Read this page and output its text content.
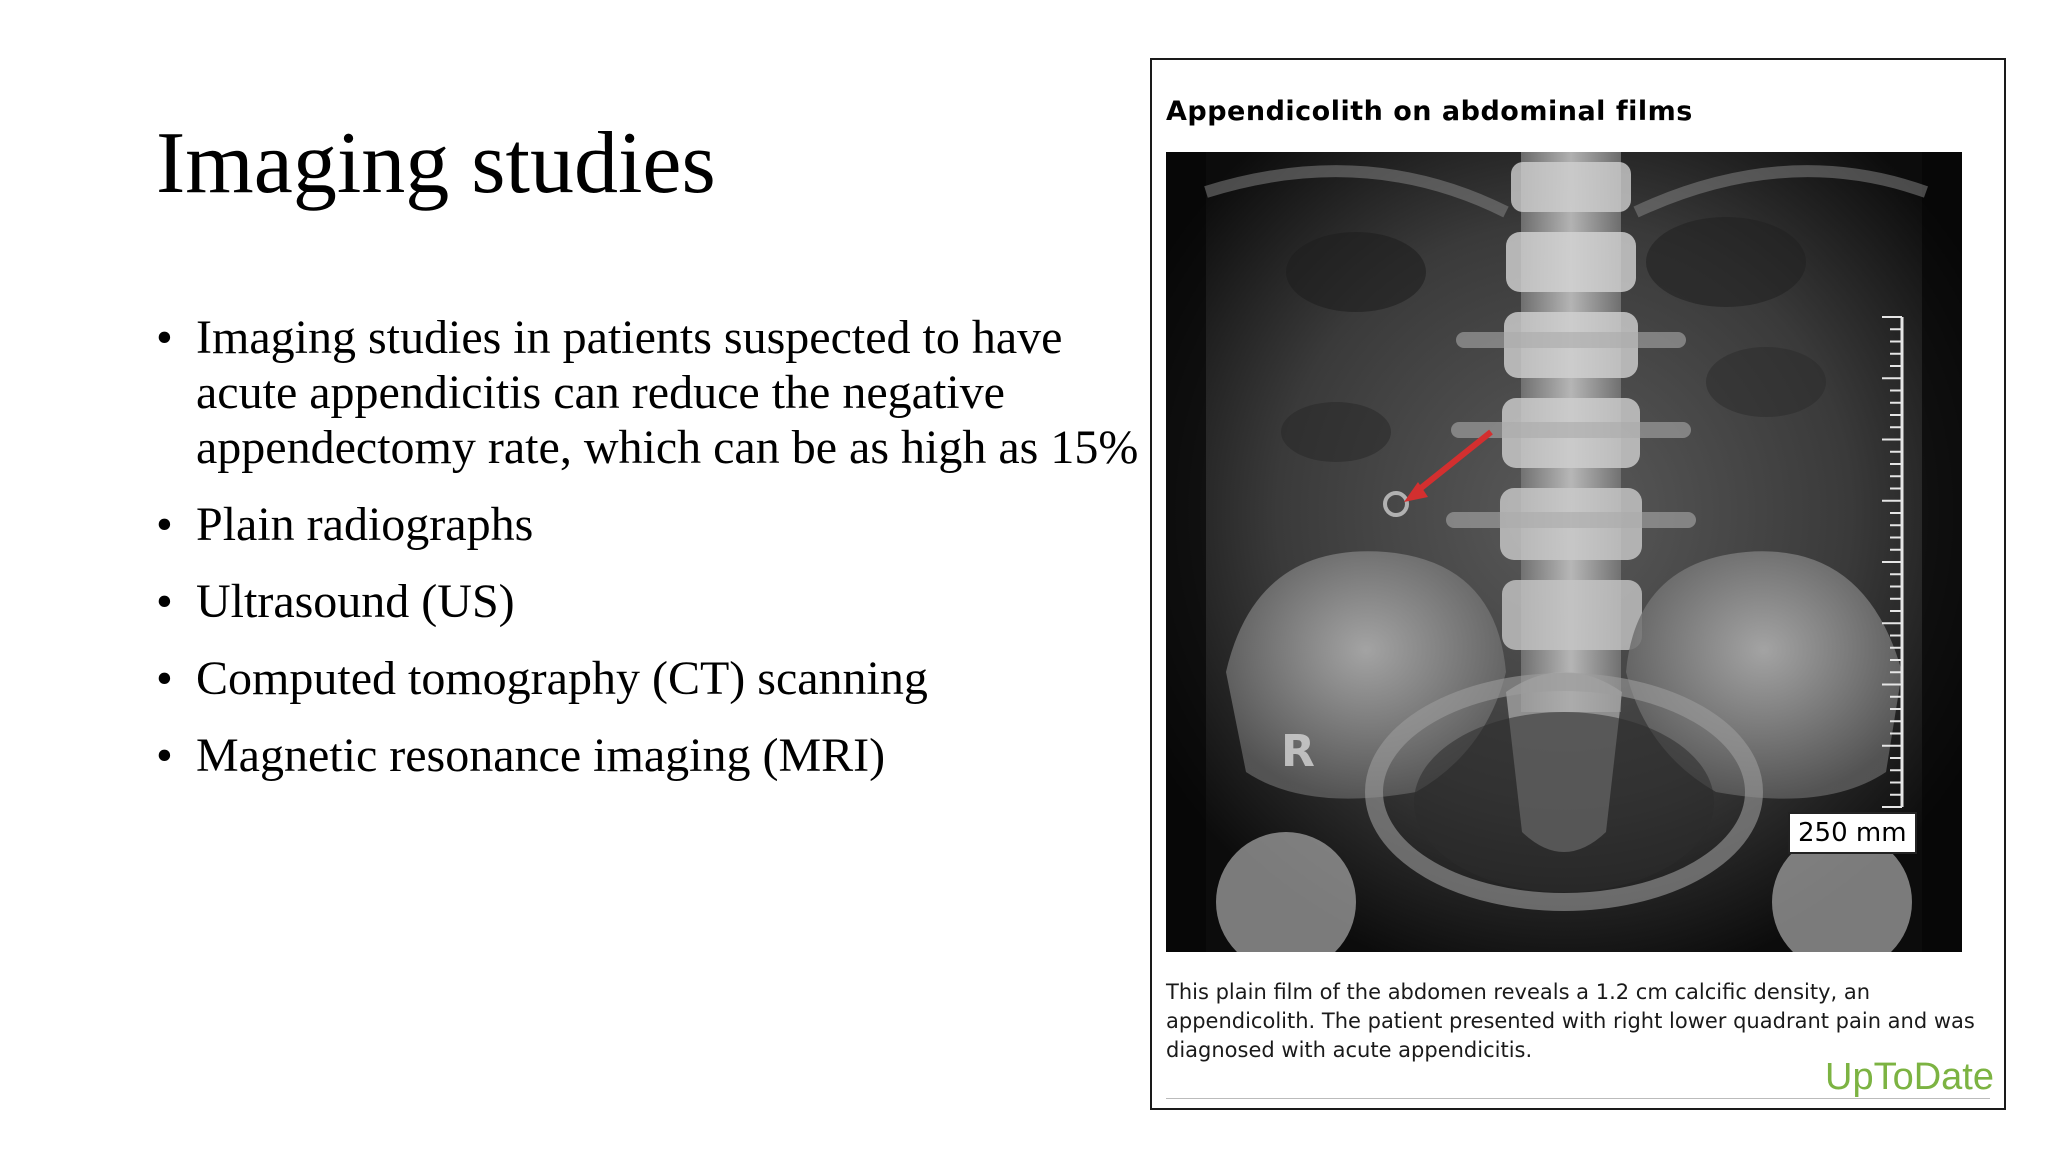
Imaging studies
• Imaging studies in patients suspected to have acute appendicitis can reduce the negative appendectomy rate, which can be as high as 15%
• Plain radiographs
• Ultrasound (US)
• Computed tomography (CT) scanning
• Magnetic resonance imaging (MRI)
Appendicolith on abdominal films
R
250 mm

This plain film of the abdomen reveals a 1.2 cm calcific density, an appendicolith. The patient presented with right lower quadrant pain and was diagnosed with acute appendicitis.

UpToDate
